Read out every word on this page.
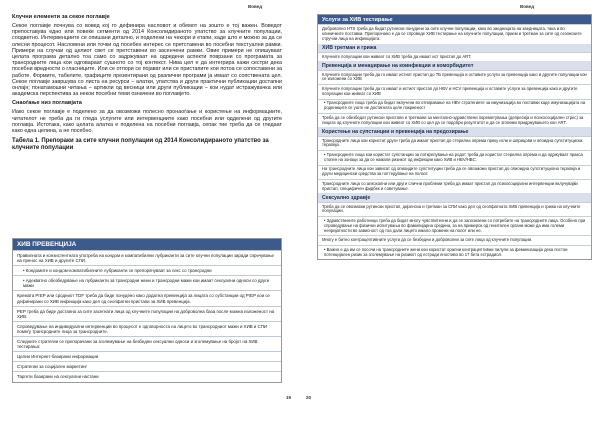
Вовед
Клучни елементи за секое поглавје
Секое поглавје почнува со вовед кој го дефинира насловот и обемот на зошто е тој важен. Воведот препоставува едно или повеќе сегменти од 2014 Консолидираното упатство за клучните популации, соодветно. Интервенциите се опишани детално, и поделени на чекори и етапи, каде што е можно за да се олесни процесот. Насловени или точки од посебен интерес се претставени во посебни текстуални рамки. Примери на случаи од целиот свет се претставени во засенчени рамки. Овие примери не опишуваат целата програма детално тоа само со задржуваат на одредени аспекти поврзани со програмата за трансродните лица кои одговараат сушното со тој контекст. Нива цел е да интегрира кажи сестри дека посебни вредности о гласниците. Или се отпори се појават или се пристапите кои потоа се сопоставени за работе. Формите, табелите, графиците презентирани од различни програми ја имаат со сопствената цел. Секое поглавје завршува со листа на ресурси – алатки, упатства и други практични публикации достапни онлајн; понатамошни читања – артикли од весници или други публикации – кои нудат истражувачка или академска перспектива за некои посебни теми означени во поглавјето.
Снаоѓање низ поглавјата
Иако секое поглавје е поделено за да овозможи полесно пронаоѓање и користење на информациите, читателот не треба да ги гледа услугите или интервенциите како посебни или одделени од другите поглавја. Истотака, како целата алатка е поделена на посебни поглавја, сепак тие треба да се гледаат како една целина, а не посебно.
Табела 1. Препораки за сите клучни популации од 2014 Консолидираното упатство за клучните популации
ХИВ ПРЕВЕНЦИЈА
Правилната и конзистентната употреба на кондом и компатибилни лубриканти за сите клучни популации заради спречување на пренос на ХИВ и другите СПИ.
• Кондомите и кондом-компатибилните лубриканти се препорачуваат за секс со трансродни
• Адекватно обезбедување на лубриканти за трансродни жени и трансродни мажи кои имаат сексуални односи со други мажи
Кремата PrEP или сродниот TDF треба да биде понудено како додатна превенција за лицата со субстанции од PrEP кои се дефинирани со ХИВ инфекција како дел од сеопфатни пристапи за ХИВ превенција.
PEP треба да биде достапна за сите засегнати лица од клучните популации на доброволна база после можна изложеност на ХИВ.
Спроведување на индивидуални интервенции во процесот е одговорноста на лицето во трансродниот мажи и ХИВ и СПИ помеѓу трансродните лица за трансродните.
Следните стратегии се препорачани за зголемување на безбедни сексуални односи и зголемување на бројот на ХИВ тестирања:
Целни Интернет-базирани информации
Стратегии за социјален маркетинг
Таргети базирани на сексуални настани
19
Вовед
20
Услуги за ХИВ тестирање
Доброволно HTS треба да бидат рутински понудени за сите клучни популации, како во заедницата на заедницата, така и во клиничките поставки. Препорачано е да се спроведе ХИВ тестирање на клучните популации, прием и третман за сите од сезонските стручни лица на инфекцијата.
ХИВ третман и грижа
Клучните популации кои живеат со ХИВ треба да имаат ист пристап до ART.
Превенција и менаџирање на коинфекции и коморбидитет
Клучните популации треба да го имаат истиот пристап до ТБ превенција и оставите услуги за превенција како и другите популации кои се изложени со ХИВ
Клучните популации треба да го имаат и истиот пристап до HBV и HCV превенција и оставите услуги за превенција како и другите популации кои живеат со ХИВ
• Трансродните лица треба да бидат вклучени во отпиравање на HBV стратегиите за имунизација во поставки каде имунизацијата на родениците се уште не достигната целе покриеност
Треба да се обезбедат рутински пристапи и третмани за ментално-здравствени пореметувања (депресија и психосоцијален стрес) за лицата од клучните популации кои живеат со ХИВ со цел да се подобри резултатот и да се зголеми придржувањето кон ART.
Користење на супстанции и превенција на предозирање
Трансродните лица кои користат други треба да имаат пристап до стерилна опрема преку игли и шприцови и опоидна супституциска терапија.
• Трансродните лица кои користат супстанции за поткрепување на родот треба да користат стерилна опрема и да одржуваат пракса стопен на зонаци за да се намали ризикот од инфекции како ХИВ и HBV/HBC.
На трансродните лица кои зависат од опиоидите супституции треба да се овозможи пристап до опиоидна супституциона терапија и други медицински средства за поттедување на ползот.
Трансродните лица со алкохолни или други слични проблеми треба да имаат пристап до психосоцијални интервенции вклучувајќи пристап, специфичен фидбек и советување.
Сексуално здравје
Треба да се овозможи рутински пристап, дијагноза и третман за СПИ како дел од сеопфатната ХИВ превенција и грижа на клучните популации.
• Здравствените работници треба да бидат многу чувствителни и да се запознаени со потребите на трансродните лица. Особено при спроведување на физички испитувања во фамилијарна средина, за на примерок од генитален органи може да има големи непријатности во зависност од тоа дали лицето имало промени на полот или не.
Многу е битно контрацептивните услуги да се безбедни и доброволни за сите лица од клучните популации.
• Важно е да им се посочи на трансродните жени кои користат орални контрацептивни пилули за феминизација дека постои потенцијален ризик за зголемување на ризикот од естради еностиво во 17 бета естрадиол.
